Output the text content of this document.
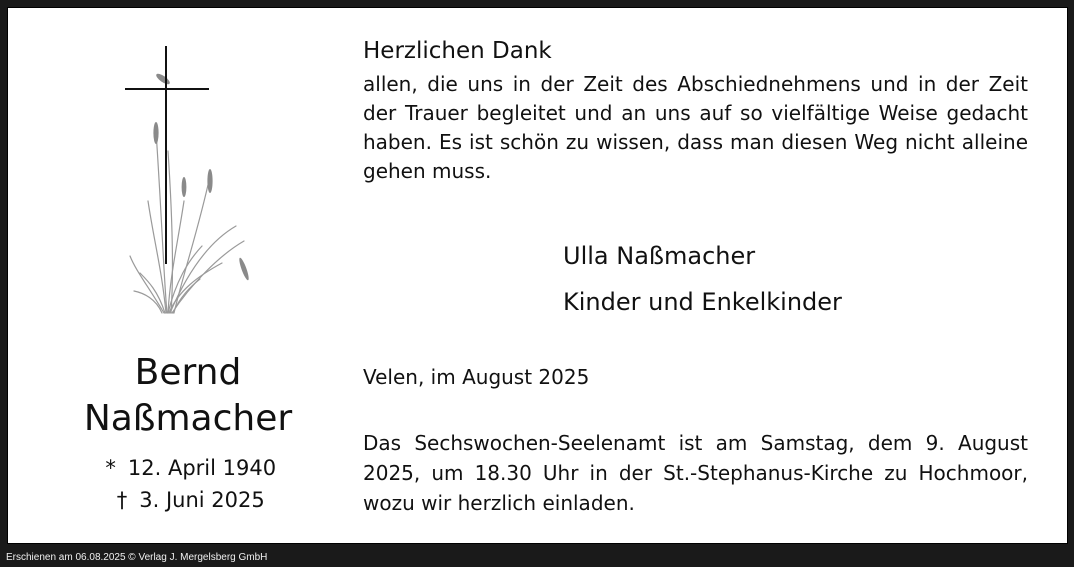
Bernd
Naßmacher
* 12. April 1940
† 3. Juni 2025
Herzlichen Dank
allen, die uns in der Zeit des Abschiednehmens und in der Zeit der Trauer begleitet und an uns auf so vielfältige Weise gedacht haben. Es ist schön zu wissen, dass man diesen Weg nicht alleine gehen muss.
Ulla Naßmacher
Kinder und Enkelkinder
Velen, im August 2025
Das Sechswochen-Seelenamt ist am Samstag, dem 9. August 2025, um 18.30 Uhr in der St.-Stephanus-Kirche zu Hochmoor, wozu wir herzlich einladen.
Erschienen am 06.08.2025 © Verlag J. Mergelsberg GmbH
